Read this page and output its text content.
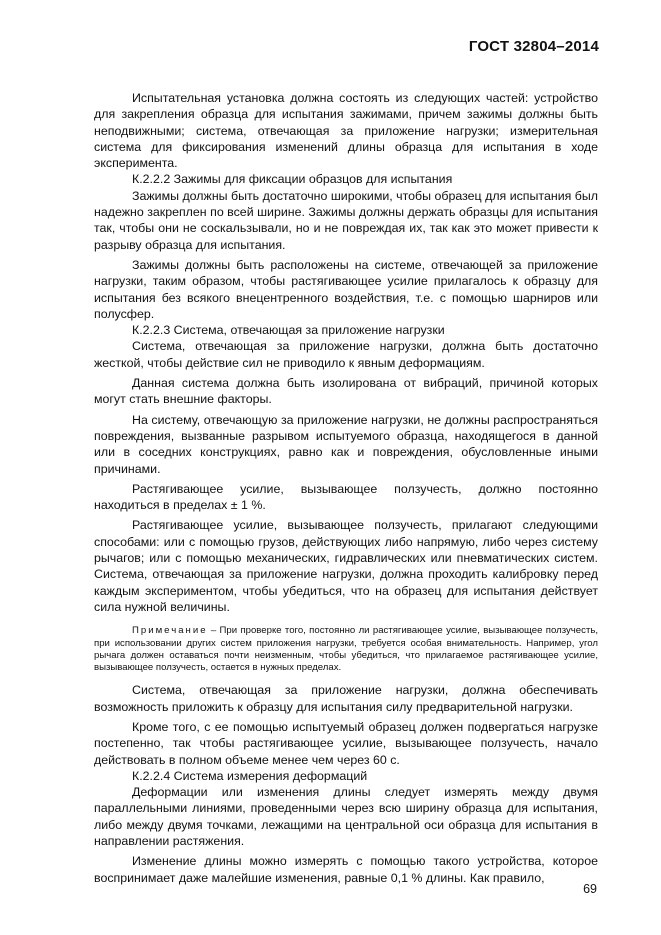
ГОСТ 32804–2014

Испытательная установка должна состоять из следующих частей: устройство для закрепления образца для испытания зажимами, причем зажимы должны быть неподвижными; система, отвечающая за приложение нагрузки; измерительная система для фиксирования изменений длины образца для испытания в ходе эксперимента.

К.2.2.2 Зажимы для фиксации образцов для испытания

Зажимы должны быть достаточно широкими, чтобы образец для испытания был надежно закреплен по всей ширине. Зажимы должны держать образцы для испытания так, чтобы они не соскальзывали, но и не повреждая их, так как это может привести к разрыву образца для испытания.

Зажимы должны быть расположены на системе, отвечающей за приложение нагрузки, таким образом, чтобы растягивающее усилие прилагалось к образцу для испытания без всякого внецентренного воздействия, т.е. с помощью шарниров или полусфер.

К.2.2.3 Система, отвечающая за приложение нагрузки

Система, отвечающая за приложение нагрузки, должна быть достаточно жесткой, чтобы действие сил не приводило к явным деформациям.

Данная система должна быть изолирована от вибраций, причиной которых могут стать внешние факторы.

На систему, отвечающую за приложение нагрузки, не должны распространяться повреждения, вызванные разрывом испытуемого образца, находящегося в данной или в соседних конструкциях, равно как и повреждения, обусловленные иными причинами.

Растягивающее усилие, вызывающее ползучесть, должно постоянно находиться в пределах ± 1 %.

Растягивающее усилие, вызывающее ползучесть, прилагают следующими способами: или с помощью грузов, действующих либо напрямую, либо через систему рычагов; или с помощью механических, гидравлических или пневматических систем. Система, отвечающая за приложение нагрузки, должна проходить калибровку перед каждым экспериментом, чтобы убедиться, что на образец для испытания действует сила нужной величины.

Примечание – При проверке того, постоянно ли растягивающее усилие, вызывающее ползучесть, при использовании других систем приложения нагрузки, требуется особая внимательность. Например, угол рычага должен оставаться почти неизменным, чтобы убедиться, что прилагаемое растягивающее усилие, вызывающее ползучесть, остается в нужных пределах.

Система, отвечающая за приложение нагрузки, должна обеспечивать возможность приложить к образцу для испытания силу предварительной нагрузки.

Кроме того, с ее помощью испытуемый образец должен подвергаться нагрузке постепенно, так чтобы растягивающее усилие, вызывающее ползучесть, начало действовать в полном объеме менее чем через 60 с.

К.2.2.4 Система измерения деформаций

Деформации или изменения длины следует измерять между двумя параллельными линиями, проведенными через всю ширину образца для испытания, либо между двумя точками, лежащими на центральной оси образца для испытания в направлении растяжения.

Изменение длины можно измерять с помощью такого устройства, которое воспринимает даже малейшие изменения, равные 0,1 % длины. Как правило,

69
